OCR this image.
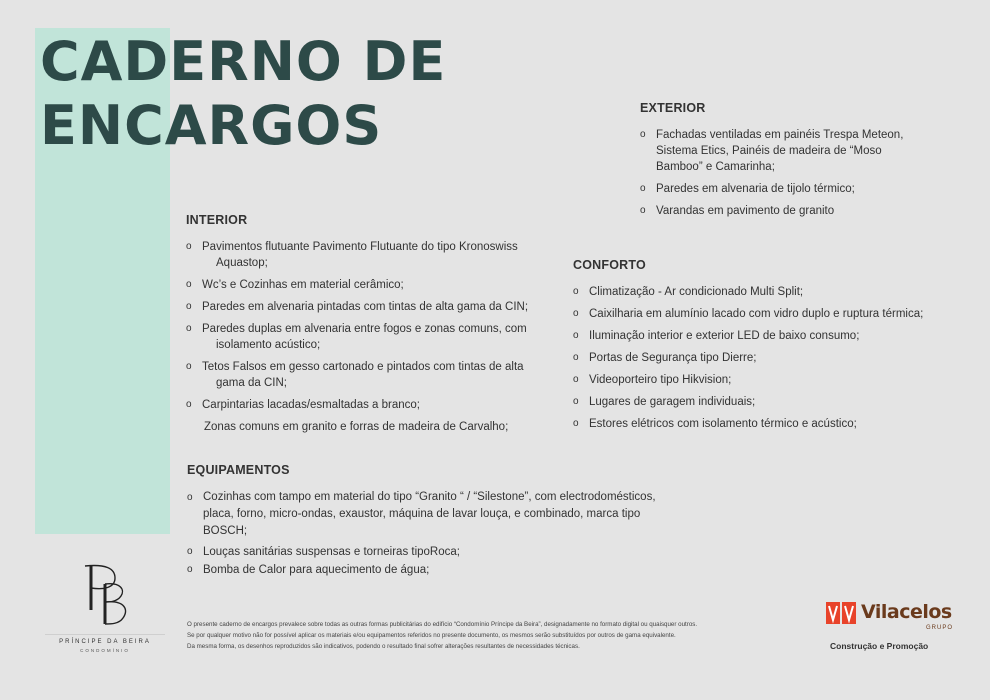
CADERNO DE
ENCARGOS
INTERIOR
o Pavimentos flutuante Pavimento Flutuante do tipo Kronoswiss
Aquastop;
o Wc’s e Cozinhas em material cerâmico;
o Paredes em alvenaria pintadas com tintas de alta gama da CIN;
o Paredes duplas em alvenaria entre fogos e zonas comuns, com
isolamento acústico;
o Tetos Falsos em gesso cartonado e pintados com tintas de alta
gama da CIN;
o Carpintarias lacadas/esmaltadas a branco;
Zonas comuns em granito e forras de madeira de Carvalho;
EXTERIOR
o Fachadas ventiladas em painéis Trespa Meteon, Sistema Etics, Painéis de madeira de “Moso Bamboo” e Camarinha;
o Paredes em alvenaria de tijolo térmico;
o Varandas em pavimento de granito
CONFORTO
o Climatização - Ar condicionado Multi Split;
o Caixilharia em alumínio lacado com vidro duplo e ruptura térmica;
o Iluminação interior e exterior LED de baixo consumo;
o Portas de Segurança tipo Dierre;
o Videoporteiro tipo Hikvision;
o Lugares de garagem individuais;
o Estores elétricos com isolamento térmico e acústico;
EQUIPAMENTOS
o Cozinhas com tampo em material do tipo “Granito “ / “Silestone”, com electrodomésticos, placa, forno, micro-ondas, exaustor, máquina de lavar louça, e combinado, marca tipo BOSCH;
o Louças sanitárias suspensas e torneiras tipoRoca;
o Bomba de Calor para aquecimento de água;

O presente caderno de encargos prevalece sobre todas as outras formas publicitárias do edifício “Condomínio Príncipe da Beira”, designadamente no formato digital ou quaisquer outros.

Se por qualquer motivo não for possível aplicar os materiais e/ou equipamentos referidos no presente documento, os mesmos serão substituídos por outros de gama equivalente.

Da mesma forma, os desenhos reproduzidos são indicativos, podendo o resultado final sofrer alterações resultantes de necessidades técnicas.

PB
PRÍNCIPE DA BEIRA
CONDOMÍNIO
Vilacelos
GRUPO
Construção e Promoção
